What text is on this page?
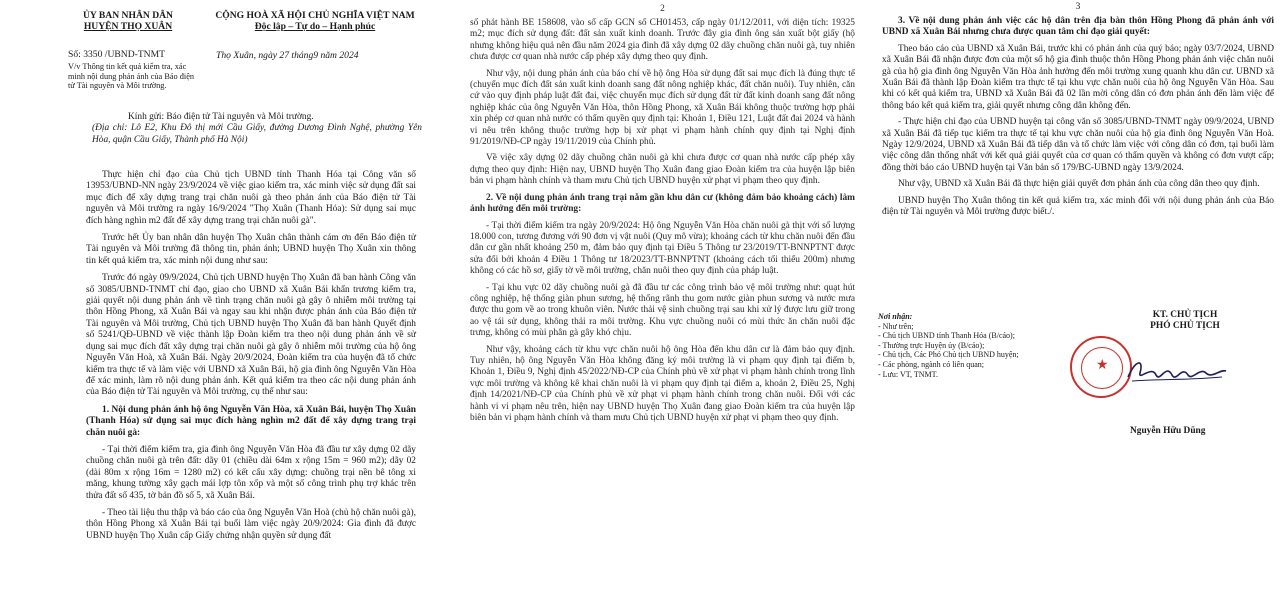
ỦY BAN NHÂN DÂN
HUYỆN THỌ XUÂN
CỘNG HOÀ XÃ HỘI CHỦ NGHĨA VIỆT NAM
Độc lập – Tự do – Hạnh phúc
Số: 3350 /UBND-TNMT	Thọ Xuân, ngày 27 tháng9 năm 2024
V/v Thông tin kết quả kiểm tra, xác minh nội dung phản ánh của Báo điện tử Tài nguyên và Môi trường.

Kính gửi: Báo điện tử Tài nguyên và Môi trường.

(Địa chỉ: Lô E2, Khu Đô thị mới Cầu Giấy, đường Dương Đình Nghệ, phường Yên Hòa, quận Cầu Giấy, Thành phố Hà Nội)

Thực hiện chỉ đạo của Chủ tịch UBND tỉnh Thanh Hóa tại Công văn số 13953/UBND-NN ngày 23/9/2024 về việc giao kiểm tra, xác minh việc sử dụng đất sai mục đích để xây dựng trang trại chăn nuôi gà theo phản ánh của Báo điện tử Tài nguyên và Môi trường ra ngày 16/9/2024 "Thọ Xuân (Thanh Hóa): Sử dụng sai mục đích hàng nghìn m2 đất để xây dựng trang trại chăn nuôi gà".

Trước hết Ủy ban nhân dân huyện Thọ Xuân chân thành cám ơn đến Báo điện tử Tài nguyên và Môi trường đã thông tin, phản ánh; UBND huyện Thọ Xuân xin thông tin kết quả kiểm tra, xác minh nội dung như sau:

Trước đó ngày 09/9/2024, Chủ tịch UBND huyện Thọ Xuân đã ban hành Công văn số 3085/UBND-TNMT chỉ đạo, giao cho UBND xã Xuân Bái khẩn trương kiểm tra, giải quyết nội dung phản ánh về tình trạng chăn nuôi gà gây ô nhiễm môi trường tại thôn Hồng Phong, xã Xuân Bái và ngay sau khi nhận được phản ánh của Báo điện tử Tài nguyên và Môi trường, Chủ tịch UBND huyện Thọ Xuân đã ban hành Quyết định số 5241/QĐ-UBND về việc thành lập Đoàn kiểm tra theo nội dung phản ánh về sử dụng sai mục đích đất xây dựng trại chăn nuôi gà gây ô nhiễm môi trường của hộ ông Nguyễn Văn Hoà, xã Xuân Bái. Ngày 20/9/2024, Đoàn kiểm tra của huyện đã tổ chức kiểm tra thực tế và làm việc với UBND xã Xuân Bái, hộ gia đình ông Nguyễn Văn Hòa để xác minh, làm rõ nội dung phản ánh. Kết quả kiểm tra theo các nội dung phản ánh của Báo điện tử Tài nguyên và Môi trường, cụ thể như sau:

1. Nội dung phản ánh hộ ông Nguyễn Văn Hòa, xã Xuân Bái, huyện Thọ Xuân (Thanh Hóa) sử dụng sai mục đích hàng nghìn m2 đất để xây dựng trang trại chăn nuôi gà:

- Tại thời điểm kiểm tra, gia đình ông Nguyễn Văn Hòa đã đầu tư xây dựng 02 dãy chuồng chăn nuôi gà trên đất: dãy 01 (chiều dài 64m x rộng 15m = 960 m2); dãy 02 (dài 80m x rộng 16m = 1280 m2) có kết cấu xây dựng: chuồng trại nền bê tông xi măng, khung tường xây gạch mái lợp tôn xốp và một số công trình phụ trợ khác trên thửa đất số 435, tờ bản đồ số 5, xã Xuân Bái.

- Theo tài liệu thu thập và báo cáo của ông Nguyễn Văn Hoà (chủ hộ chăn nuôi gà), thôn Hồng Phong xã Xuân Bái tại buổi làm việc ngày 20/9/2024: Gia đình đã được UBND huyện Thọ Xuân cấp Giấy chứng nhận quyền sử dụng đất

2

số phát hành BE 158608, vào sổ cấp GCN số CH01453, cấp ngày 01/12/2011, với diện tích: 19325 m2; mục đích sử dụng đất: đất sản xuất kinh doanh. Trước đây gia đình ông sản xuất bột giấy (hộ nhưng không hiệu quả nên đầu năm 2024 gia đình đã xây dựng 02 dãy chuồng chăn nuôi gà, tuy nhiên chưa được cơ quan nhà nước cấp phép xây dựng theo quy định.

Như vậy, nội dung phản ánh của báo chí về hộ ông Hòa sử dụng đất sai mục đích là đúng thực tế (chuyển mục đích đất sản xuất kinh doanh sang đất nông nghiệp khác, đất chăn nuôi). Tuy nhiên, căn cứ vào quy định pháp luật đất đai, việc chuyển mục đích sử dụng đất từ đất kinh doanh sang đất nông nghiệp khác của ông Nguyễn Văn Hòa, thôn Hồng Phong, xã Xuân Bái không thuộc trường hợp phải xin phép cơ quan nhà nước có thẩm quyền quy định tại: Khoản 1, Điều 121, Luật đất đai 2024 và hành vi nêu trên không thuộc trường hợp bị xử phạt vi phạm hành chính quy định tại Nghị định 91/2019/NĐ-CP ngày 19/11/2019 của Chính phủ.

Về việc xây dựng 02 dãy chuồng chăn nuôi gà khi chưa được cơ quan nhà nước cấp phép xây dựng theo quy định: Hiện nay, UBND huyện Thọ Xuân đang giao Đoàn kiểm tra của huyện lập biên bản vi phạm hành chính và tham mưu Chủ tịch UBND huyện xử phạt vi phạm theo quy định.

2. Về nội dung phản ánh trang trại nằm gần khu dân cư (không đảm bảo khoảng cách) làm ảnh hưởng đến môi trường:

- Tại thời điểm kiểm tra ngày 20/9/2024: Hộ ông Nguyễn Văn Hòa chăn nuôi gà thịt với số lượng 18.000 con, tương đương với 90 đơn vị vật nuôi (Quy mô vừa); khoảng cách từ khu chăn nuôi đến đầu dân cư gần nhất khoảng 250 m, đảm bảo quy định tại Điều 5 Thông tư 23/2019/TT-BNNPTNT được sửa đổi bởi khoản 4 Điều 1 Thông tư 18/2023/TT-BNNPTNT (khoảng cách tối thiểu 200m) nhưng không có các hồ sơ, giấy tờ về môi trường, chăn nuôi theo quy định của pháp luật.

- Tại khu vực 02 dãy chuồng nuôi gà đã đầu tư các công trình bảo vệ môi trường như: quạt hút công nghiệp, hệ thống giàn phun sương, hệ thống rãnh thu gom nước giàn phun sương và nước mưa được thu gom về ao trong khuôn viên. Nước thải vệ sinh chuồng trại sau khi xử lý được lưu giữ trong ao vệ tái sử dụng, không thải ra môi trường. Khu vực chuồng nuôi có mùi thức ăn chăn nuôi đặc trưng, không có mùi phân gà gây khó chịu.

Như vậy, khoảng cách từ khu vực chăn nuôi hộ ông Hòa đến khu dân cư là đảm bảo quy định. Tuy nhiên, hộ ông Nguyễn Văn Hòa không đăng ký môi trường là vi phạm quy định tại điểm b, Khoản 1, Điều 9, Nghị định 45/2022/NĐ-CP của Chính phủ về xử phạt vi phạm hành chính trong lĩnh vực môi trường và không kê khai chăn nuôi là vi phạm quy định tại điểm a, khoản 2, Điều 25, Nghị định 14/2021/NĐ-CP của Chính phủ về xử phạt vi phạm hành chính trong chăn nuôi. Đối với các hành vi vi phạm nêu trên, hiện nay UBND huyện Thọ Xuân đang giao Đoàn kiểm tra của huyện lập biên bản vi phạm hành chính và tham mưu Chủ tịch UBND huyện xử phạt vi phạm theo quy định.

3

3. Về nội dung phản ánh việc các hộ dân trên địa bàn thôn Hồng Phong đã phản ánh với UBND xã Xuân Bái nhưng chưa được quan tâm chỉ đạo giải quyết:

Theo báo cáo của UBND xã Xuân Bái, trước khi có phản ánh của quý báo; ngày 03/7/2024, UBND xã Xuân Bái đã nhận được đơn của một số hộ gia đình thuộc thôn Hồng Phong phản ánh việc chăn nuôi gà của hộ gia đình ông Nguyễn Văn Hòa ảnh hưởng đến môi trường xung quanh khu dân cư. UBND xã Xuân Bái đã thành lập Đoàn kiểm tra thực tế tại khu vực chăn nuôi của hộ ông Nguyễn Văn Hòa. Sau khi có kết quả kiểm tra, UBND xã Xuân Bái đã 02 lần mời công dân có đơn phản ánh đến làm việc để thông báo kết quả kiểm tra, giải quyết nhưng công dân không đến.

- Thực hiện chỉ đạo của UBND huyện tại công văn số 3085/UBND-TNMT ngày 09/9/2024, UBND xã Xuân Bái đã tiếp tục kiểm tra thực tế tại khu vực chăn nuôi của hộ gia đình ông Nguyễn Văn Hoà. Ngày 12/9/2024, UBND xã Xuân Bái đã tiếp dân và tổ chức làm việc với công dân có đơn, tại buổi làm việc công dân thống nhất với kết quả giải quyết của cơ quan có thẩm quyền và không có đơn vượt cấp; đồng thời báo cáo UBND huyện tại Văn bản số 179/BC-UBND ngày 13/9/2024.

Như vậy, UBND xã Xuân Bái đã thực hiện giải quyết đơn phản ánh của công dân theo quy định.

UBND huyện Thọ Xuân thông tin kết quả kiểm tra, xác minh đối với nội dung phản ánh của Báo điện tử Tài nguyên và Môi trường được biết./.

Nơi nhận:
- Như trên;
- Chủ tịch UBND tỉnh Thanh Hóa (B/cáo);
- Thường trực Huyện ủy (B/cáo);
- Chủ tịch, Các Phó Chủ tịch UBND huyện;
- Các phòng, ngành có liên quan;
- Lưu: VT, TNMT.
KT. CHỦ TỊCH
PHÓ CHỦ TỊCH
★
Nguyễn Hữu Dũng
